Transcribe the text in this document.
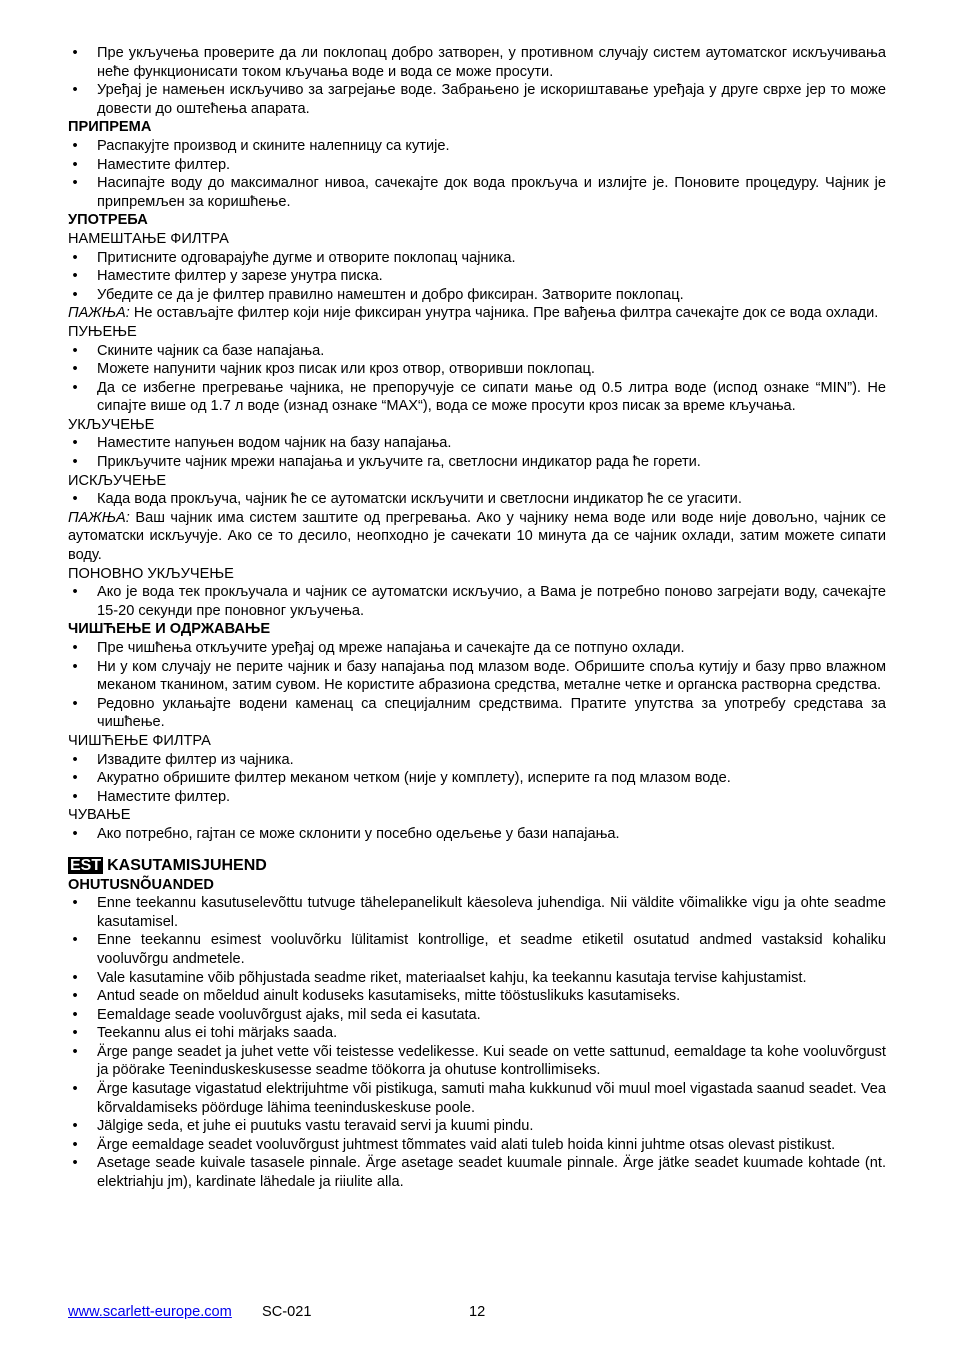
•	Пре укључења проверите да ли поклопац добро затворен, у противном случају систем аутоматског искључивања неће функционисати током кључања воде и вода се може просути.
•	Уређај је намењен искључиво за загрејање воде. Забрањено је искориштавање уређаја у друге сврхе јер то може довести до оштећења апарата.
ПРИПРЕМА
•	Распакујте производ и скините налепницу са кутије.
•	Наместите филтер.
•	Насипајте воду до максималног нивоа, сачекајте док вода прокључа и излијте је. Поновите процедуру. Чајник је припремљен за коришћење.
УПОТРЕБА
НАМЕШТАЊЕ ФИЛТРА
•	Притисните одговарајуће дугме и отворите поклопац чајника.
•	Наместите филтер у зарезе унутра писка.
•	Убедите се да је филтер правилно намештен и добро фиксиран. Затворите поклопац.
ПАЖЊА: Не остављајте филтер који није фиксиран унутра чајника. Пре вађења филтра сачекајте док се вода охлади.
ПУЊЕЊЕ
•	Скините чајник са базе напајања.
•	Можете напунити чајник кроз писак или кроз отвор, отворивши поклопац.
•	Да се избегне прегревање чајника, не препоручује се сипати мање од 0.5 литра воде (испод ознаке “MIN”). Не сипајте више од 1.7 л воде (изнад ознаке “MAX“), вода се може просути кроз писак за време кључања.
УКЉУЧЕЊЕ
•	Наместите напуњен водом чајник на базу напајања.
•	Прикључите чајник мрежи напајања и укључите га, светлосни индикатор рада ће горети.
ИСКЉУЧЕЊЕ
•	Када вода прокључа, чајник ће се аутоматски искључити и светлосни индикатор ће се угасити.
ПАЖЊА: Ваш чајник има систем заштите од прегревања. Ако у чајнику нема воде или воде није довољно, чајник се аутоматски искључује. Ако се то десило, неопходно је сачекати 10 минута да се чајник охлади, затим можете сипати воду.
ПОНОВНО УКЉУЧЕЊЕ
•	Ако је вода тек прокључала и чајник се аутоматски искључио, а Вама је потребно поново загрејати воду, сачекајте 15-20 секунди пре поновног укључења.
ЧИШЋЕЊЕ И ОДРЖАВАЊЕ
•	Пре чишћења откључите уређај од мреже напајања и сачекајте да се потпуно охлади.
•	Ни у ком случају не перите чајник и базу напајања под млазом воде. Обришите споља кутију и базу прво влажном меканом тканином, затим сувом. Не користите абразиона средства, металне четке и органска растворна средства.
•	Редовно уклањајте водени каменац са специјалним средствима. Пратите упутства за употребу средстава за чишћење.
ЧИШЋЕЊЕ ФИЛТРА
•	Извадите филтер из чајника.
•	Акуратно обришите филтер меканом четком (није у комплету), исперите га под млазом воде.
•	Наместите филтер.
ЧУВАЊЕ
•	Ако потребно, гајтан се може склонити у посебно одељење у бази напајања.
EST KASUTAMISJUHEND
OHUTUSNÕUANDED
•	Enne teekannu kasutuselevõttu tutvuge tähelepanelikult käesoleva juhendiga. Nii väldite võimalikke vigu ja ohte seadme kasutamisel.
•	Enne teekannu esimest vooluvõrku lülitamist kontrollige, et seadme etiketil osutatud andmed vastaksid kohaliku vooluvõrgu andmetele.
•	Vale kasutamine võib põhjustada seadme riket, materiaalset kahju, ka teekannu kasutaja tervise kahjustamist.
•	Antud seade on mõeldud ainult koduseks kasutamiseks, mitte tööstuslikuks kasutamiseks.
•	Eemaldage seade vooluvõrgust ajaks, mil seda ei kasutata.
•	Teekannu alus ei tohi märjaks saada.
•	Ärge pange seadet ja juhet vette või teistesse vedelikesse. Kui seade on vette sattunud, eemaldage ta kohe vooluvõrgust ja pöörake Teeninduskeskusesse seadme töökorra ja ohutuse kontrollimiseks.
•	Ärge kasutage vigastatud elektrijuhtme või pistikuga, samuti maha kukkunud või muul moel vigastada saanud seadet. Vea kõrvaldamiseks pöörduge lähima teeninduskeskuse poole.
•	Jälgige seda, et juhe ei puutuks vastu teravaid servi ja kuumi pindu.
•	Ärge eemaldage seadet vooluvõrgust juhtmest tõmmates vaid alati tuleb hoida kinni juhtme otsas olevast pistikust.
•	Asetage seade kuivale tasasele pinnale. Ärge asetage seadet kuumale pinnale. Ärge jätke seadet kuumade kohtade (nt. elektriahju jm), kardinate lähedale ja riiulite alla.
www.scarlett-europe.com SC-021	12
